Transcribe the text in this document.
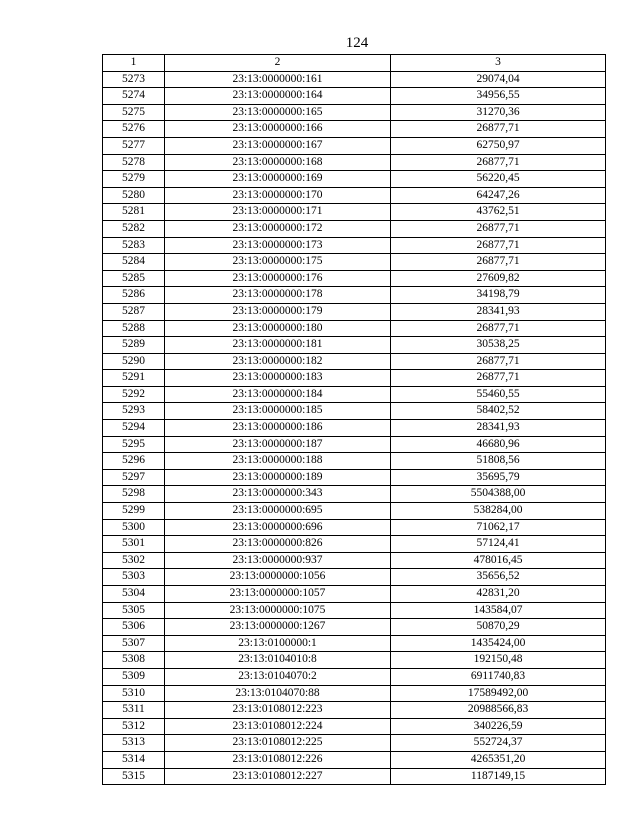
124
1	2	3
5273	23:13:0000000:161	29074,04
5274	23:13:0000000:164	34956,55
5275	23:13:0000000:165	31270,36
5276	23:13:0000000:166	26877,71
5277	23:13:0000000:167	62750,97
5278	23:13:0000000:168	26877,71
5279	23:13:0000000:169	56220,45
5280	23:13:0000000:170	64247,26
5281	23:13:0000000:171	43762,51
5282	23:13:0000000:172	26877,71
5283	23:13:0000000:173	26877,71
5284	23:13:0000000:175	26877,71
5285	23:13:0000000:176	27609,82
5286	23:13:0000000:178	34198,79
5287	23:13:0000000:179	28341,93
5288	23:13:0000000:180	26877,71
5289	23:13:0000000:181	30538,25
5290	23:13:0000000:182	26877,71
5291	23:13:0000000:183	26877,71
5292	23:13:0000000:184	55460,55
5293	23:13:0000000:185	58402,52
5294	23:13:0000000:186	28341,93
5295	23:13:0000000:187	46680,96
5296	23:13:0000000:188	51808,56
5297	23:13:0000000:189	35695,79
5298	23:13:0000000:343	5504388,00
5299	23:13:0000000:695	538284,00
5300	23:13:0000000:696	71062,17
5301	23:13:0000000:826	57124,41
5302	23:13:0000000:937	478016,45
5303	23:13:0000000:1056	35656,52
5304	23:13:0000000:1057	42831,20
5305	23:13:0000000:1075	143584,07
5306	23:13:0000000:1267	50870,29
5307	23:13:0100000:1	1435424,00
5308	23:13:0104010:8	192150,48
5309	23:13:0104070:2	6911740,83
5310	23:13:0104070:88	17589492,00
5311	23:13:0108012:223	20988566,83
5312	23:13:0108012:224	340226,59
5313	23:13:0108012:225	552724,37
5314	23:13:0108012:226	4265351,20
5315	23:13:0108012:227	1187149,15
